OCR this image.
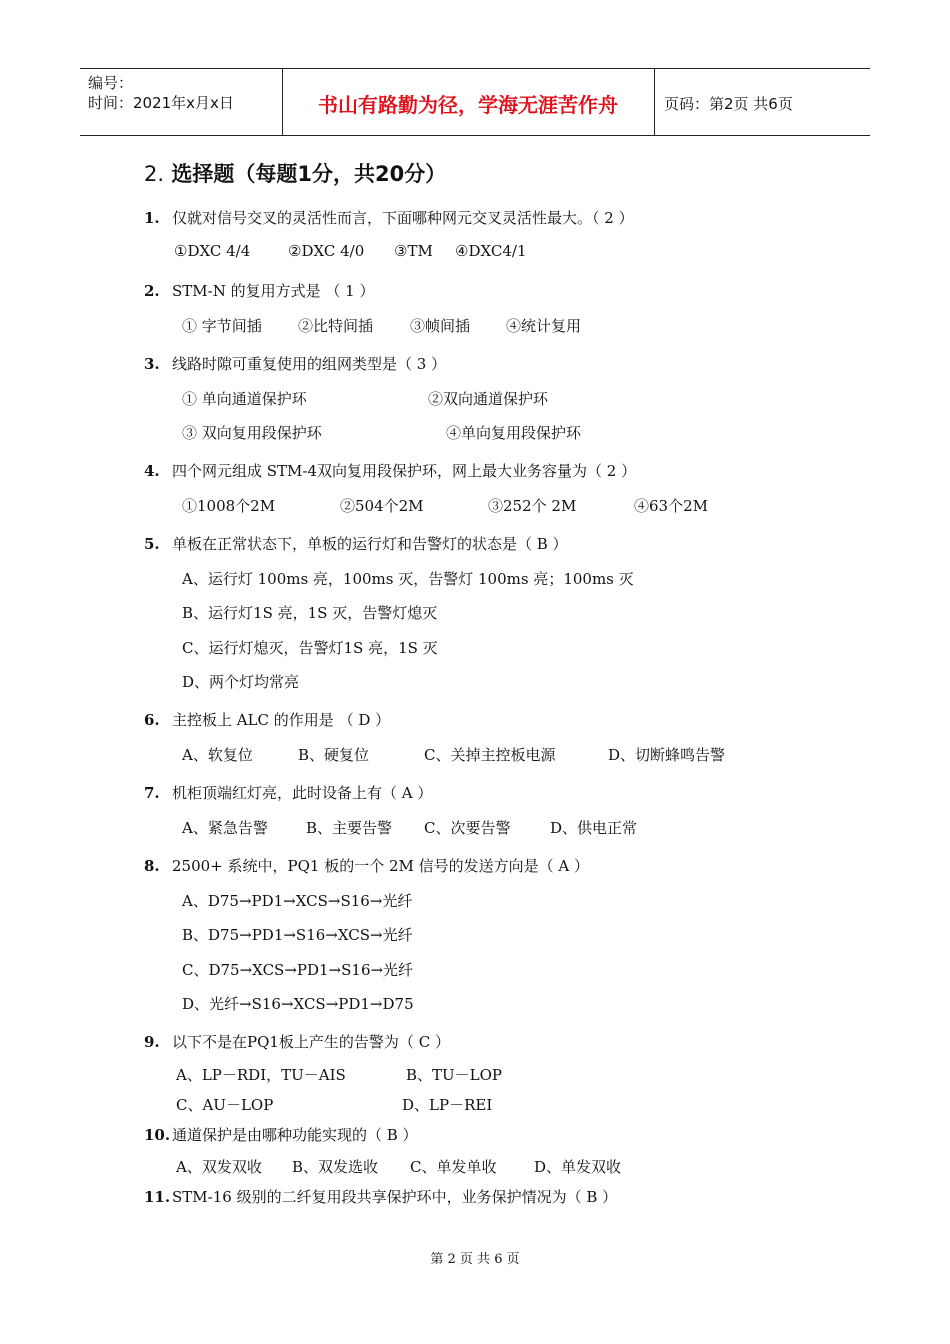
编号：
时间：2021年x月x日	书山有路勤为径，学海无涯苦作舟	页码：第2页 共6页
2. 选择题（每题1分，共20分）
1. 仅就对信号交叉的灵活性而言，下面哪种网元交叉灵活性最大。（ 2 ）
①DXC 4/4	②DXC 4/0 ③TM ④DXC4/1
2. STM-N 的复用方式是 （ 1 ）
① 字节间插 ②比特间插 ③帧间插 ④统计复用
3. 线路时隙可重复使用的组网类型是（ 3 ）
① 单向通道保护环	②双向通道保护环
③ 双向复用段保护环	④单向复用段保护环
4. 四个网元组成 STM-4双向复用段保护环，网上最大业务容量为（ 2 ）
①1008个2M	②504个2M	③252个 2M	④63个2M
5. 单板在正常状态下，单板的运行灯和告警灯的状态是（ B ）
A、运行灯 100ms 亮，100ms 灭，告警灯 100ms 亮；100ms 灭
B、运行灯1S 亮，1S 灭，告警灯熄灭
C、运行灯熄灭，告警灯1S 亮，1S 灭
D、两个灯均常亮
6. 主控板上 ALC 的作用是 （ D ）
A、软复位	B、硬复位	C、关掉主控板电源	D、切断蜂鸣告警
7. 机柜顶端红灯亮，此时设备上有（ A ）
A、紧急告警	B、主要告警 C、次要告警	D、供电正常
8. 2500+ 系统中，PQ1 板的一个 2M 信号的发送方向是（ A ）
A、D75→PD1→XCS→S16→光纤
B、D75→PD1→S16→XCS→光纤
C、D75→XCS→PD1→S16→光纤
D、光纤→S16→XCS→PD1→D75
9. 以下不是在PQ1板上产生的告警为（ C ）
A、LP－RDI，TU－AIS	B、TU－LOP
C、AU－LOP	D、LP－REI
10. 通道保护是由哪种功能实现的（ B ）
A、双发双收 B、双发选收 C、单发单收	D、单发双收
11. STM-16 级别的二纤复用段共享保护环中，业务保护情况为（ B ）
第 2 页 共 6 页
